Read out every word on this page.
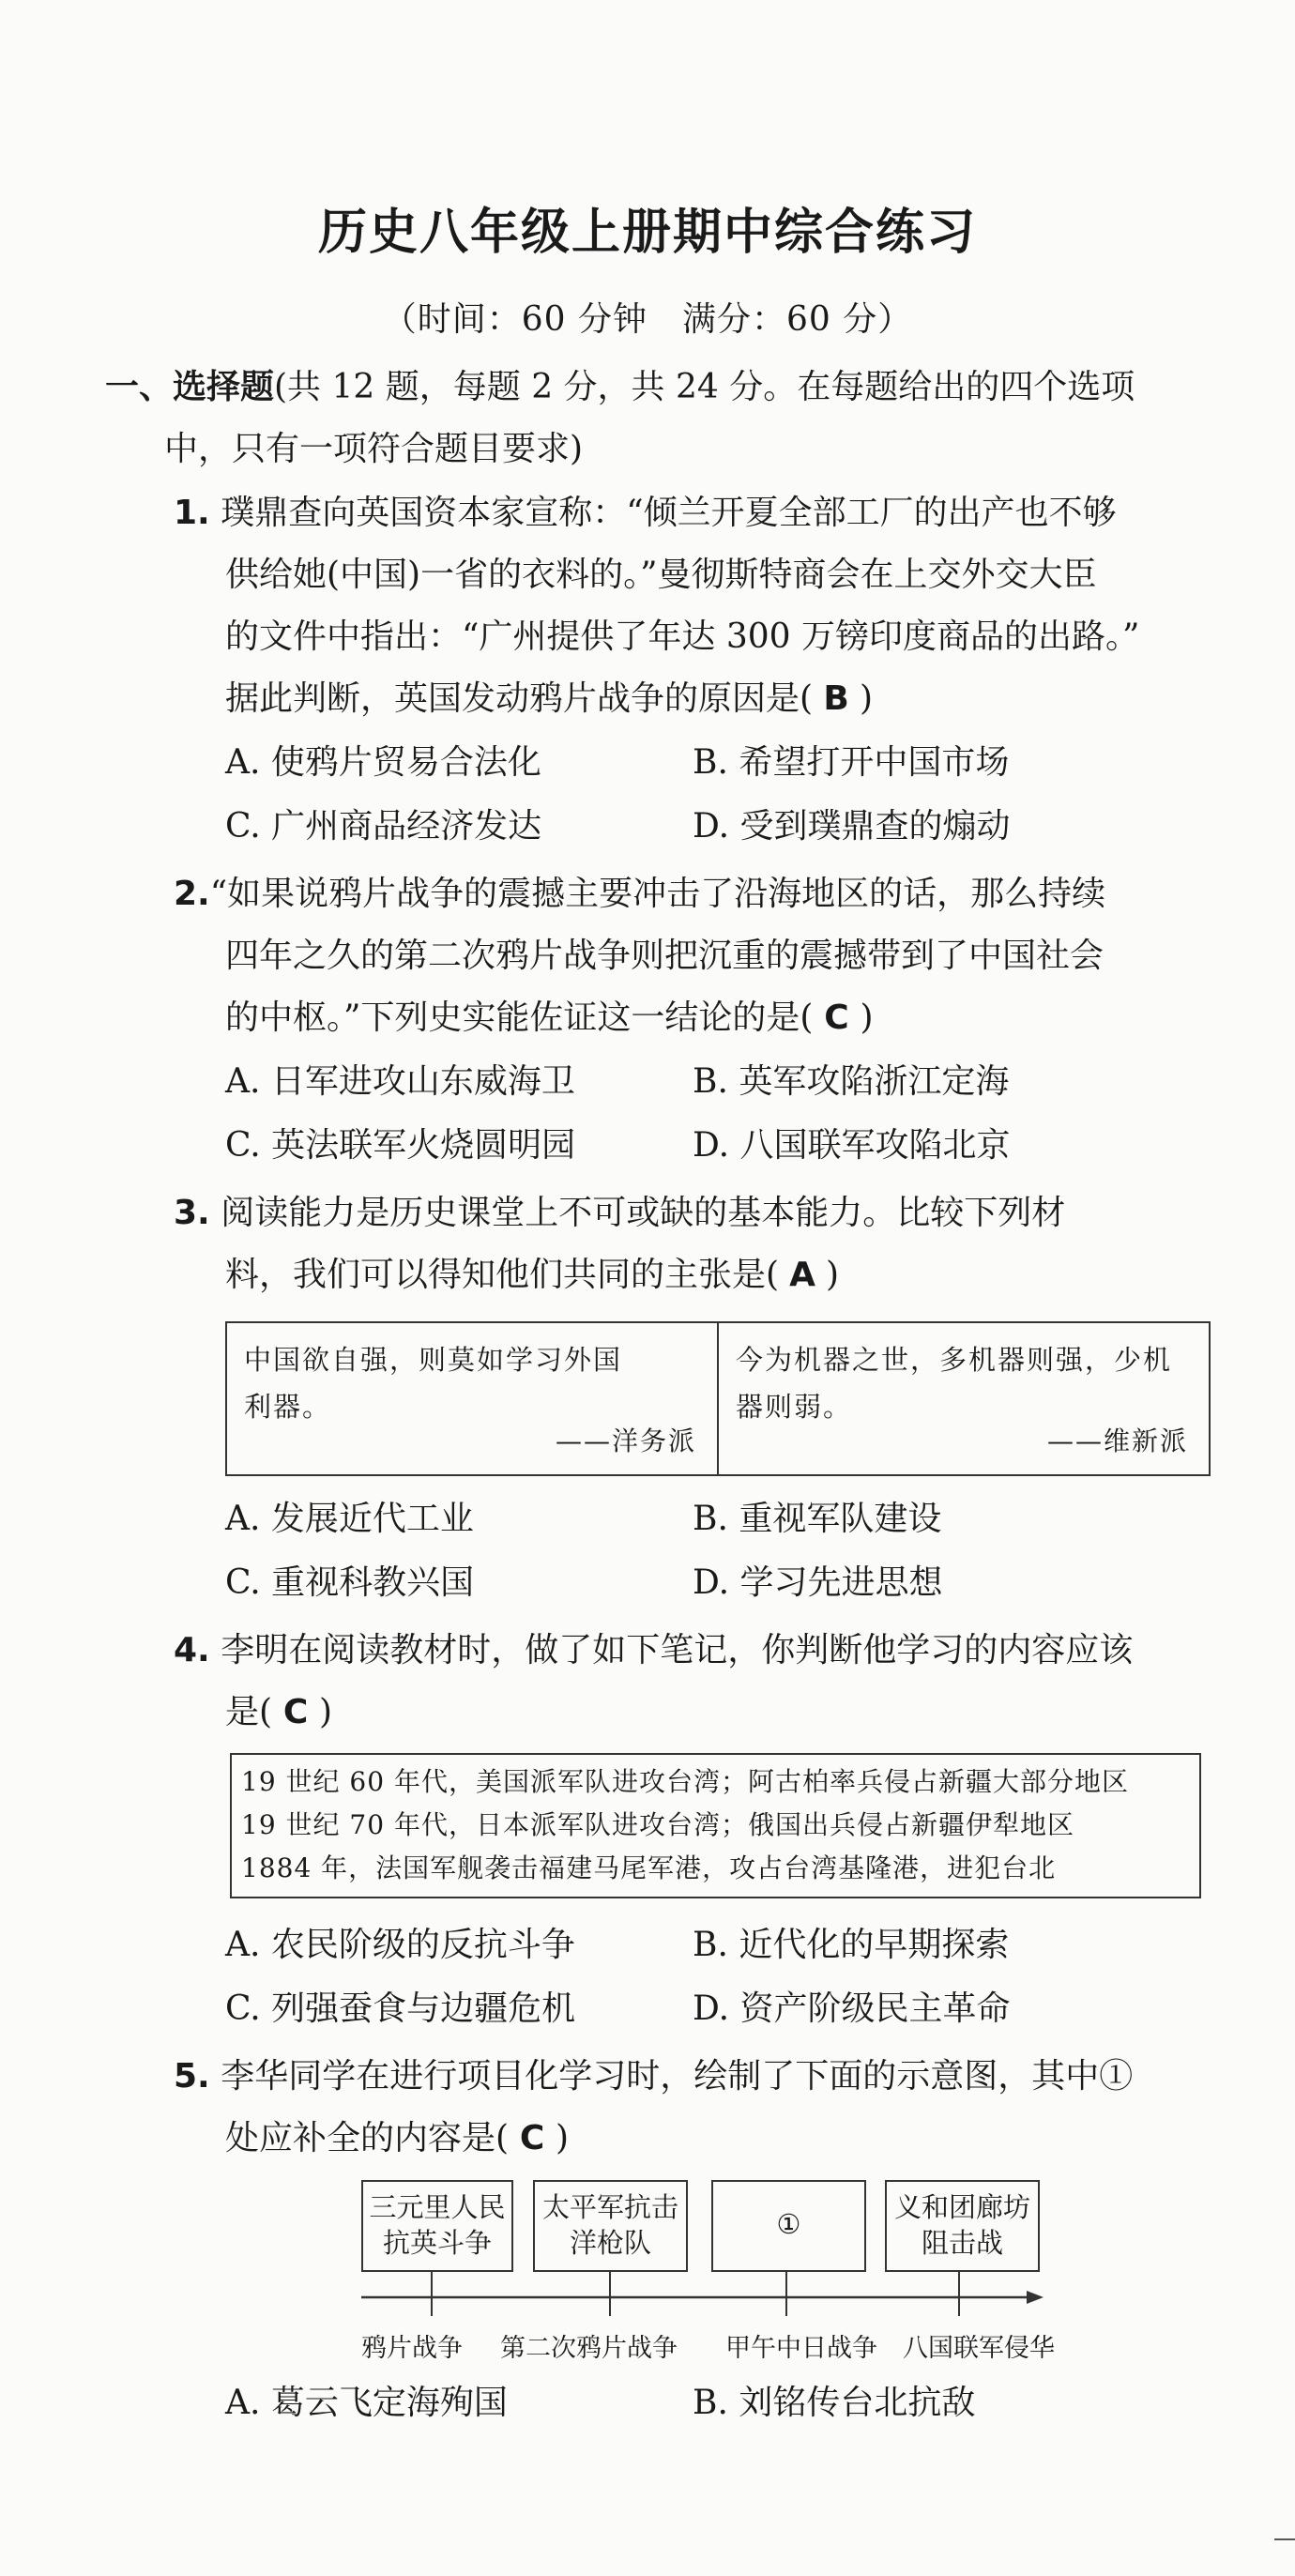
历史八年级上册期中综合练习
（时间：60 分钟　满分：60 分）
一、选择题(共 12 题，每题 2 分，共 24 分。在每题给出的四个选项
中，只有一项符合题目要求)
1. 璞鼎查向英国资本家宣称：“倾兰开夏全部工厂的出产也不够
供给她(中国)一省的衣料的。”曼彻斯特商会在上交外交大臣
的文件中指出：“广州提供了年达 300 万镑印度商品的出路。”
据此判断，英国发动鸦片战争的原因是( B )
A. 使鸦片贸易合法化	B. 希望打开中国市场
C. 广州商品经济发达	D. 受到璞鼎查的煽动
2.“如果说鸦片战争的震撼主要冲击了沿海地区的话，那么持续
四年之久的第二次鸦片战争则把沉重的震撼带到了中国社会
的中枢。”下列史实能佐证这一结论的是( C )
A. 日军进攻山东威海卫	B. 英军攻陷浙江定海
C. 英法联军火烧圆明园	D. 八国联军攻陷北京
3. 阅读能力是历史课堂上不可或缺的基本能力。比较下列材
料，我们可以得知他们共同的主张是( A )
中国欲自强，则莫如学习外国
利器。
——洋务派
今为机器之世，多机器则强，少机
器则弱。
——维新派
A. 发展近代工业	B. 重视军队建设
C. 重视科教兴国	D. 学习先进思想
4. 李明在阅读教材时，做了如下笔记，你判断他学习的内容应该
是( C )
19 世纪 60 年代，美国派军队进攻台湾；阿古柏率兵侵占新疆大部分地区
19 世纪 70 年代，日本派军队进攻台湾；俄国出兵侵占新疆伊犁地区
1884 年，法国军舰袭击福建马尾军港，攻占台湾基隆港，进犯台北
A. 农民阶级的反抗斗争	B. 近代化的早期探索
C. 列强蚕食与边疆危机	D. 资产阶级民主革命
5. 李华同学在进行项目化学习时，绘制了下面的示意图，其中①
处应补全的内容是( C )
三元里人民
抗英斗争
太平军抗击
洋枪队
①
义和团廊坊
阻击战
鸦片战争 第二次鸦片战争 甲午中日战争 八国联军侵华
A. 葛云飞定海殉国	B. 刘铭传台北抗敌
